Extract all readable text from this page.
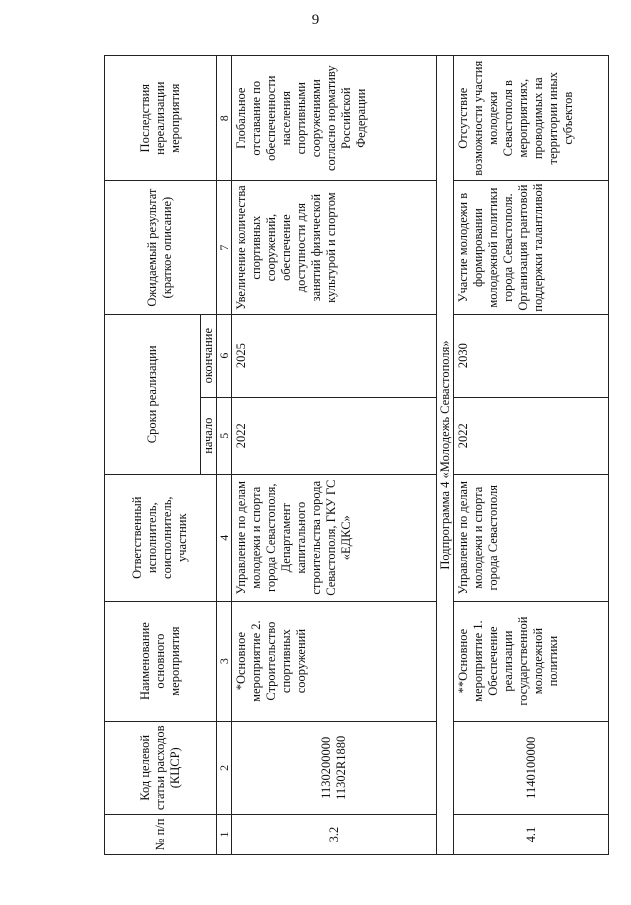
9
№ п/п	Код целевой статьи расходов (КЦСР)	Наименование основного мероприятия	Ответственный исполнитель, соисполнитель, участник	Сроки реализации		Ожидаемый результат (краткое описание)	Последствия нереализации мероприятия
				начало	окончание		
1	2	3	4	5	6	7	8
3.2	1130200000 11302R1880	*Основное мероприятие 2. Строительство спортивных сооружений	Управление по делам молодежи и спорта города Севастополя, Департамент капитального строительства города Севастополя, ГКУ ГС «ЕДКС»	2022	2025	Увеличение количества спортивных сооружений, обеспечение доступности для занятий физической культурой и спортом	Глобальное отставание по обеспеченности населения спортивными сооружениями согласно нормативу Российской Федерации
Подпрограмма 4 «Молодежь Севастополя»							
4.1	1140100000	**Основное мероприятие 1. Обеспечение реализации государственной молодежной политики	Управление по делам молодежи и спорта города Севастополя	2022	2030	Участие молодежи в формировании молодежной политики города Севастополя. Организация грантовой поддержки талантливой	Отсутствие возможности участия молодежи Севастополя в мероприятиях, проводимых на территории иных субъектов
